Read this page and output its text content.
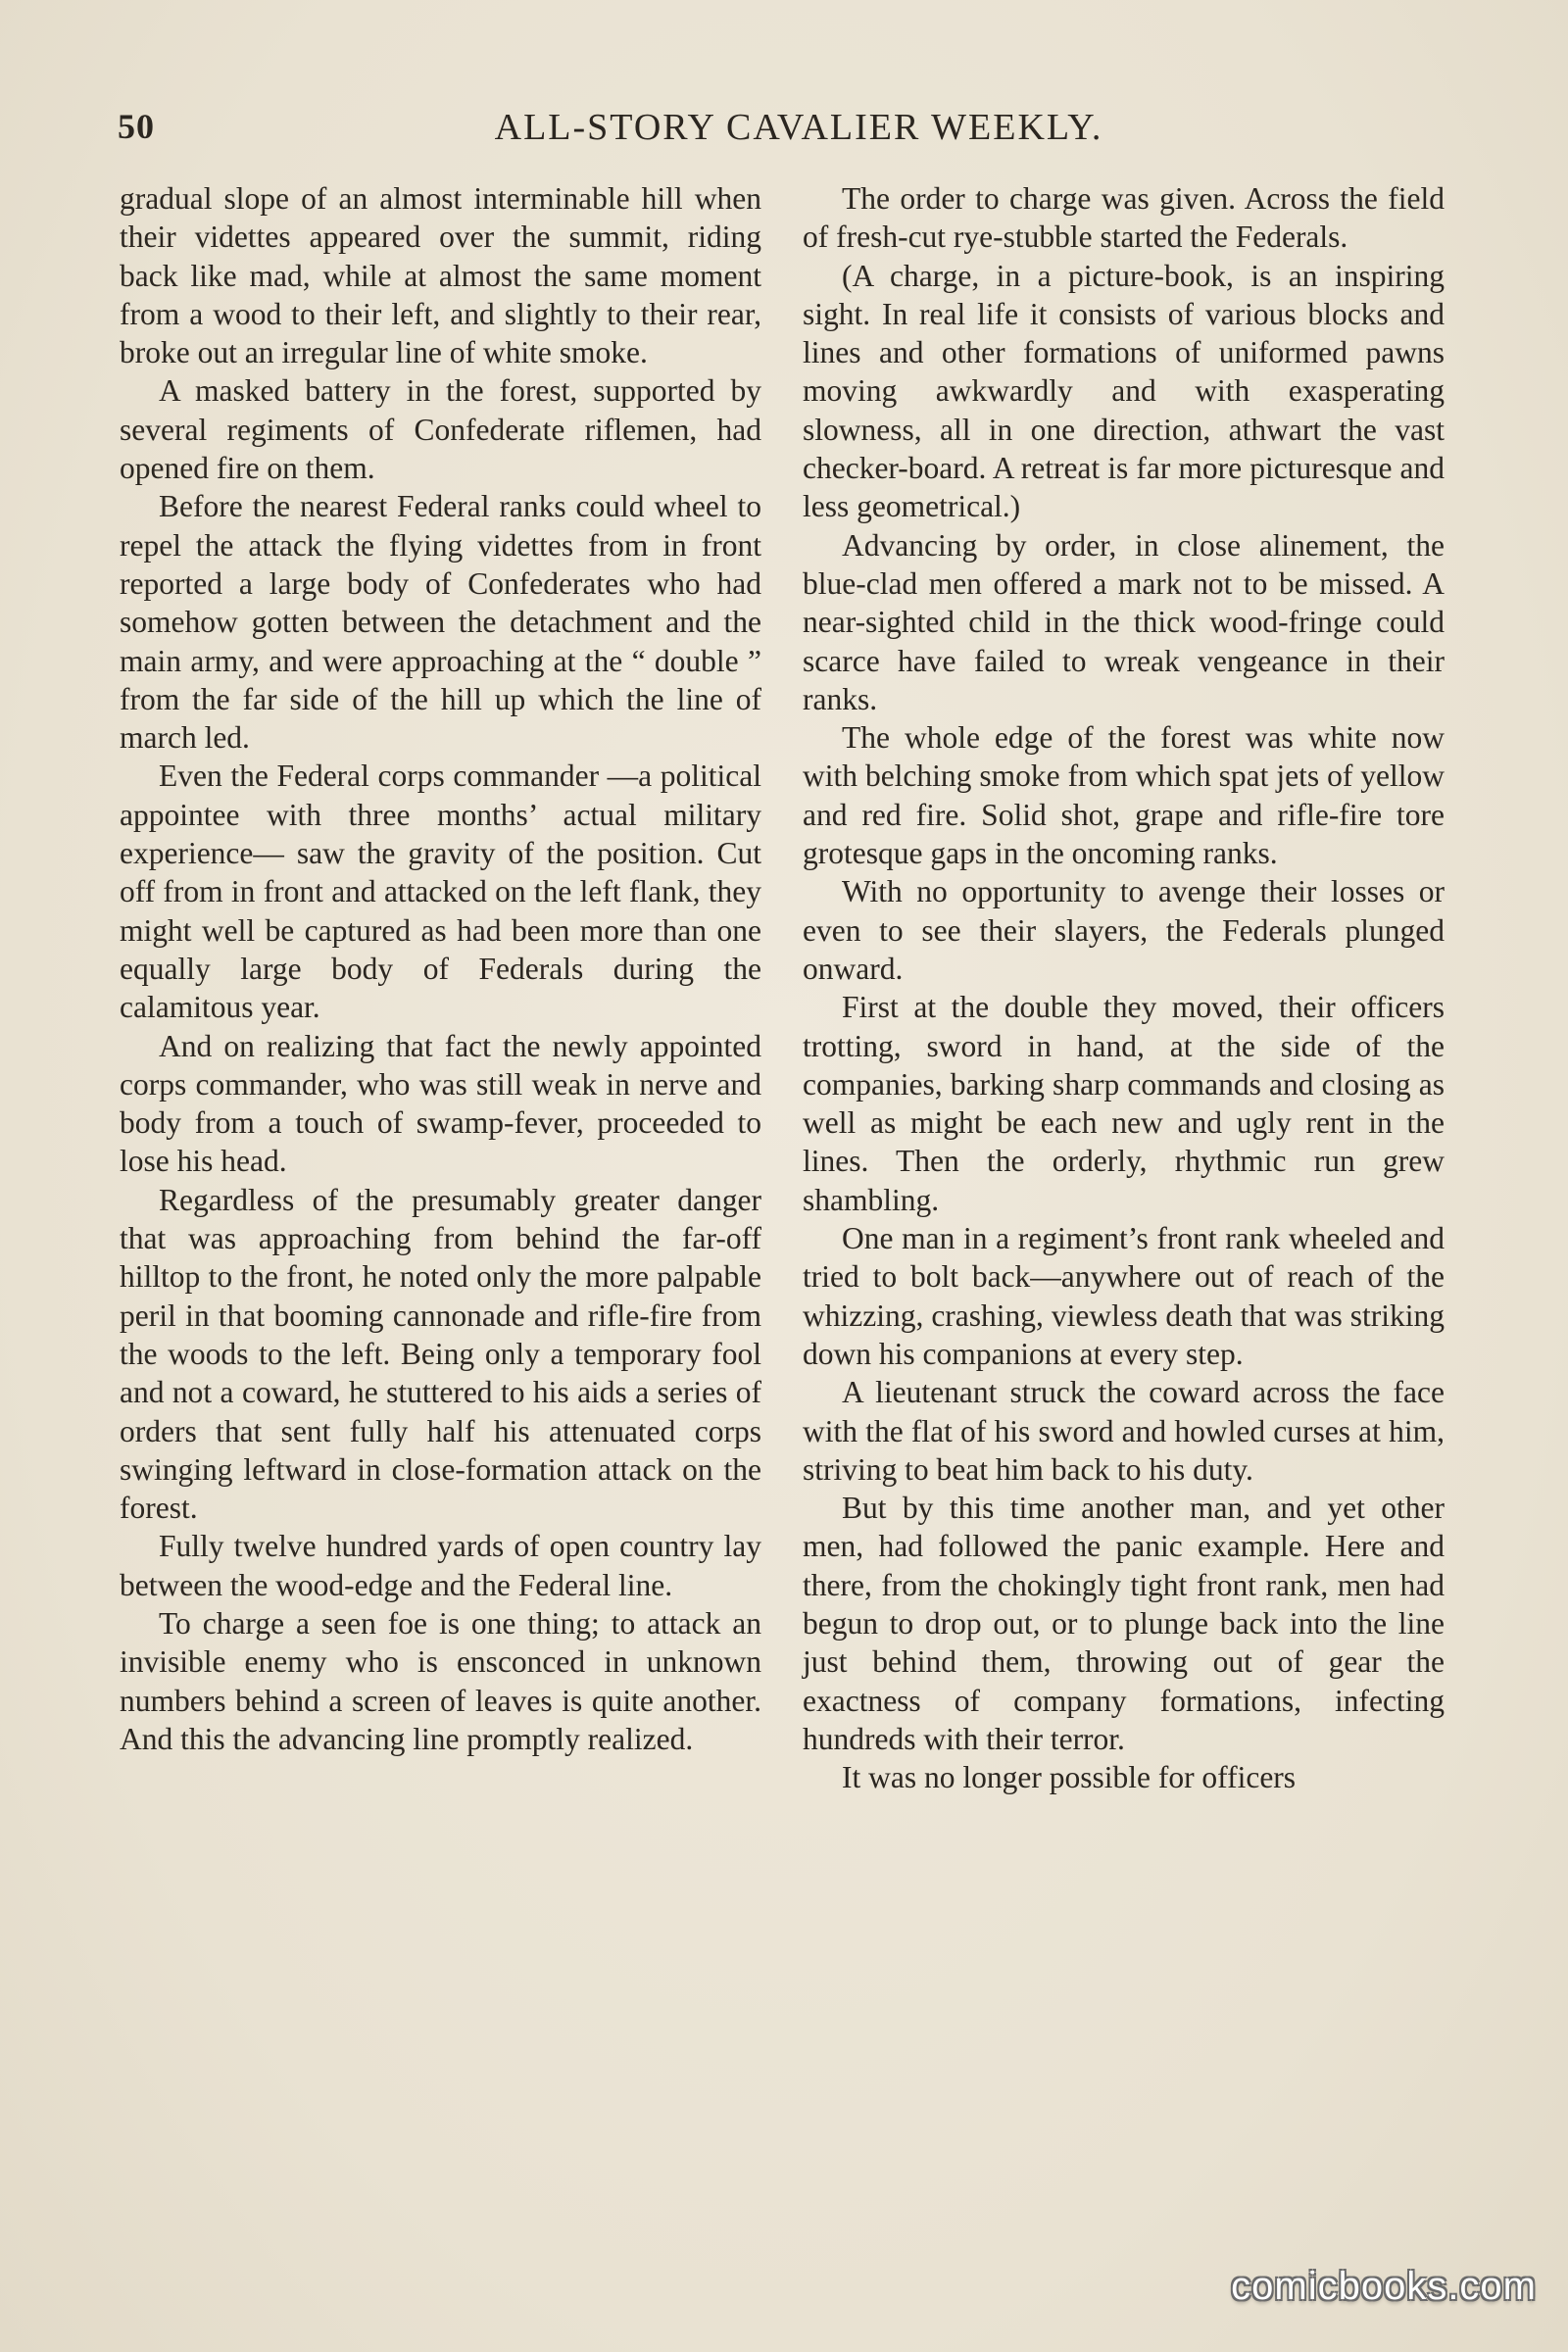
50	ALL-STORY CAVALIER WEEKLY.

gradual slope of an almost interminable hill when their videttes appeared over the summit, riding back like mad, while at almost the same moment from a wood to their left, and slightly to their rear, broke out an irregular line of white smoke.

A masked battery in the forest, supported by several regiments of Confederate riflemen, had opened fire on them.

Before the nearest Federal ranks could wheel to repel the attack the flying videttes from in front reported a large body of Confederates who had somehow gotten between the detachment and the main army, and were approaching at the “ double ” from the far side of the hill up which the line of march led.

Even the Federal corps commander —a political appointee with three months’ actual military experience— saw the gravity of the position. Cut off from in front and attacked on the left flank, they might well be captured as had been more than one equally large body of Federals during the calamitous year.

And on realizing that fact the newly appointed corps commander, who was still weak in nerve and body from a touch of swamp-fever, proceeded to lose his head.

Regardless of the presumably greater danger that was approaching from behind the far-off hilltop to the front, he noted only the more palpable peril in that booming cannonade and rifle-fire from the woods to the left. Being only a temporary fool and not a coward, he stuttered to his aids a series of orders that sent fully half his attenuated corps swinging leftward in close-formation attack on the forest.

Fully twelve hundred yards of open country lay between the wood-edge and the Federal line.

To charge a seen foe is one thing; to attack an invisible enemy who is ensconced in unknown numbers behind a screen of leaves is quite another. And this the advancing line promptly realized.

The order to charge was given. Across the field of fresh-cut rye-stubble started the Federals.

(A charge, in a picture-book, is an inspiring sight. In real life it consists of various blocks and lines and other formations of uniformed pawns moving awkwardly and with exasperating slowness, all in one direction, athwart the vast checker-board. A retreat is far more picturesque and less geometrical.)

Advancing by order, in close alinement, the blue-clad men offered a mark not to be missed. A near-sighted child in the thick wood-fringe could scarce have failed to wreak vengeance in their ranks.

The whole edge of the forest was white now with belching smoke from which spat jets of yellow and red fire. Solid shot, grape and rifle-fire tore grotesque gaps in the oncoming ranks.

With no opportunity to avenge their losses or even to see their slayers, the Federals plunged onward.

First at the double they moved, their officers trotting, sword in hand, at the side of the companies, barking sharp commands and closing as well as might be each new and ugly rent in the lines. Then the orderly, rhythmic run grew shambling.

One man in a regiment’s front rank wheeled and tried to bolt back—anywhere out of reach of the whizzing, crashing, viewless death that was striking down his companions at every step.

A lieutenant struck the coward across the face with the flat of his sword and howled curses at him, striving to beat him back to his duty.

But by this time another man, and yet other men, had followed the panic example. Here and there, from the chokingly tight front rank, men had begun to drop out, or to plunge back into the line just behind them, throwing out of gear the exactness of company formations, infecting hundreds with their terror.

It was no longer possible for officers

comicbooks.com
